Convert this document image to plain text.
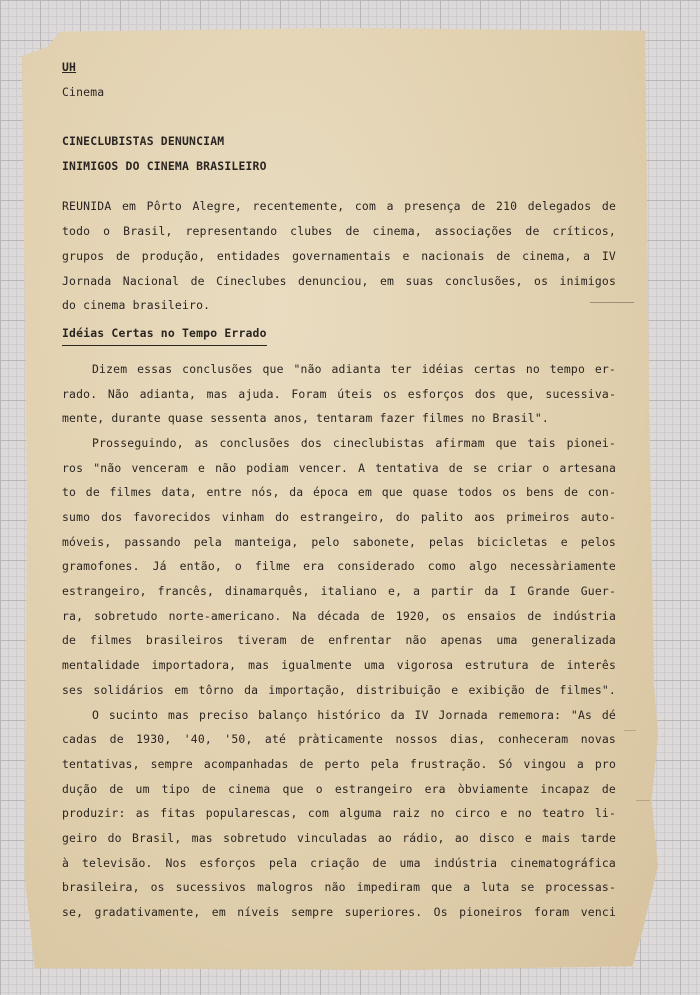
UH
Cinema
CINECLUBISTAS DENUNCIAM
INIMIGOS DO CINEMA BRASILEIRO
REUNIDA em Pôrto Alegre, recentemente, com a presença de 210 delegados de
todo o Brasil, representando clubes de cinema, associações de críticos,
grupos de produção, entidades governamentais e nacionais de cinema, a IV
Jornada Nacional de Cineclubes denunciou, em suas conclusões, os inimigos
do cinema brasileiro.
Idéias Certas no Tempo Errado
Dizem essas conclusões que "não adianta ter idéias certas no tempo er-
rado. Não adianta, mas ajuda. Foram úteis os esforços dos que, sucessiva-
mente, durante quase sessenta anos, tentaram fazer filmes no Brasil".
Prosseguindo, as conclusões dos cineclubistas afirmam que tais pionei-
ros "não venceram e não podiam vencer. A tentativa de se criar o artesana
to de filmes data, entre nós, da época em que quase todos os bens de con-
sumo dos favorecidos vinham do estrangeiro, do palito aos primeiros auto-
móveis, passando pela manteiga, pelo sabonete, pelas bicicletas e pelos
gramofones. Já então, o filme era considerado como algo necessàriamente
estrangeiro, francês, dinamarquês, italiano e, a partir da I Grande Guer-
ra, sobretudo norte-americano. Na década de 1920, os ensaios de indústria
de filmes brasileiros tiveram de enfrentar não apenas uma generalizada
mentalidade importadora, mas igualmente uma vigorosa estrutura de interês
ses solidários em tôrno da importação, distribuição e exibição de filmes".
O sucinto mas preciso balanço histórico da IV Jornada rememora: "As dé
cadas de 1930, '40, '50, até pràticamente nossos dias, conheceram novas
tentativas, sempre acompanhadas de perto pela frustração. Só vingou a pro
dução de um tipo de cinema que o estrangeiro era òbviamente incapaz de
produzir: as fitas popularescas, com alguma raiz no circo e no teatro li-
geiro do Brasil, mas sobretudo vinculadas ao rádio, ao disco e mais tarde
à televisão. Nos esforços pela criação de uma indústria cinematográfica
brasileira, os sucessivos malogros não impediram que a luta se processas-
se, gradativamente, em níveis sempre superiores. Os pioneiros foram venci
